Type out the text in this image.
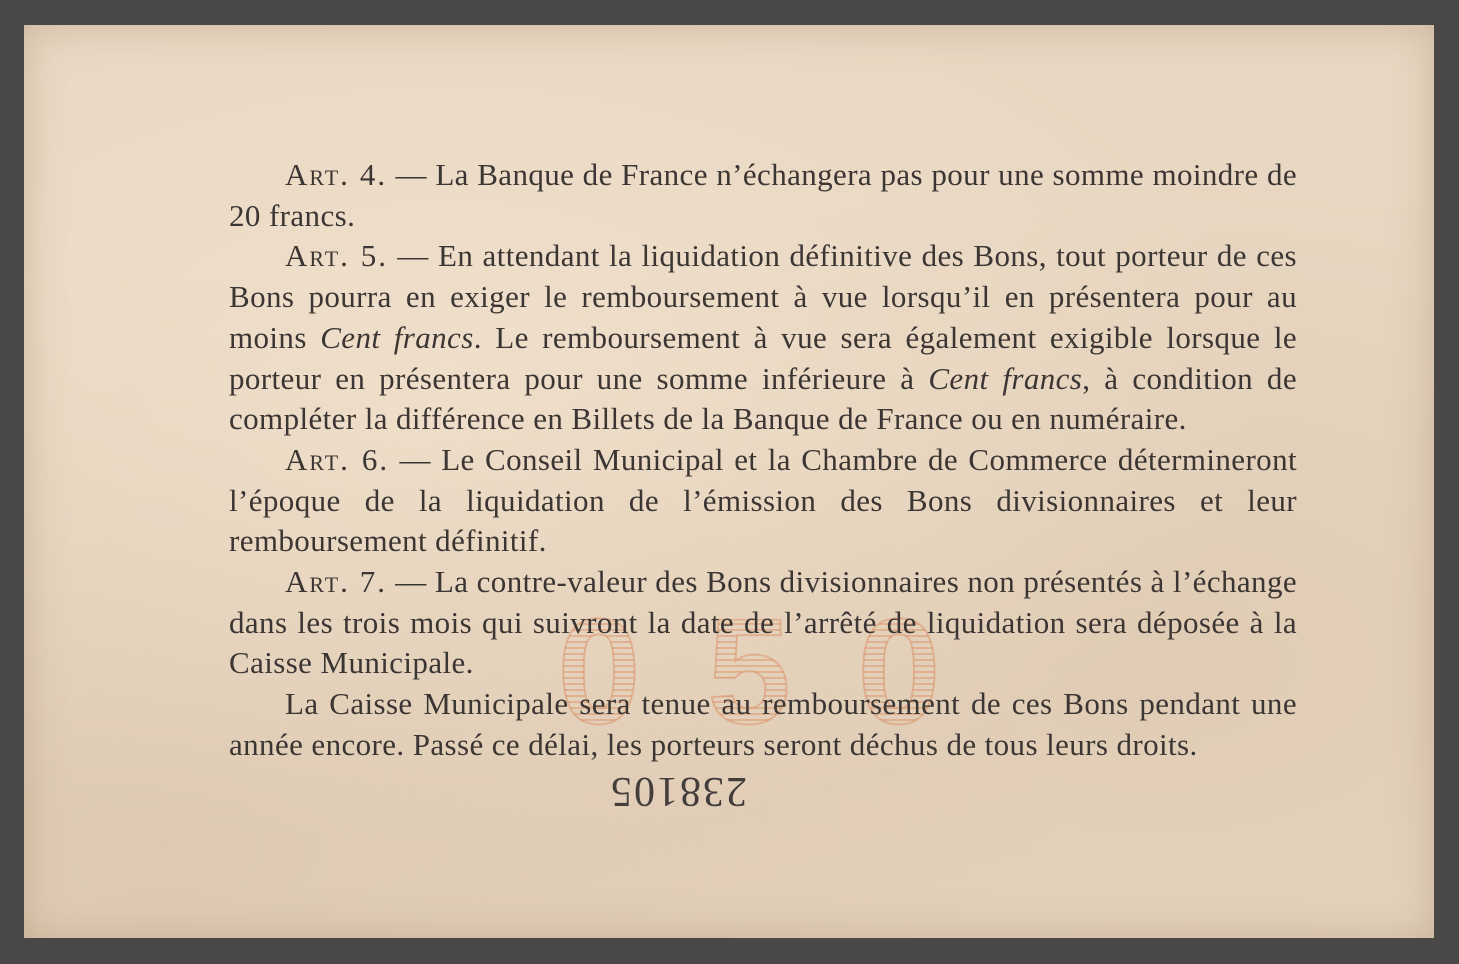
0 5 0

Art. 4. — La Banque de France n’échangera pas pour une somme moindre de 20 francs.

Art. 5. — En attendant la liquidation définitive des Bons, tout porteur de ces Bons pourra en exiger le remboursement à vue lorsqu’il en présentera pour au moins Cent francs. Le remboursement à vue sera également exigible lorsque le porteur en présentera pour une somme inférieure à Cent francs, à condition de compléter la différence en Billets de la Banque de France ou en numéraire.

Art. 6. — Le Conseil Municipal et la Chambre de Commerce détermineront l’époque de la liquidation de l’émission des Bons divisionnaires et leur remboursement définitif.

Art. 7. — La contre-valeur des Bons divisionnaires non présentés à l’échange dans les trois mois qui suivront la date de l’arrêté de liquidation sera déposée à la Caisse Municipale.

La Caisse Municipale sera tenue au remboursement de ces Bons pendant une année encore. Passé ce délai, les porteurs seront déchus de tous leurs droits.

238105
